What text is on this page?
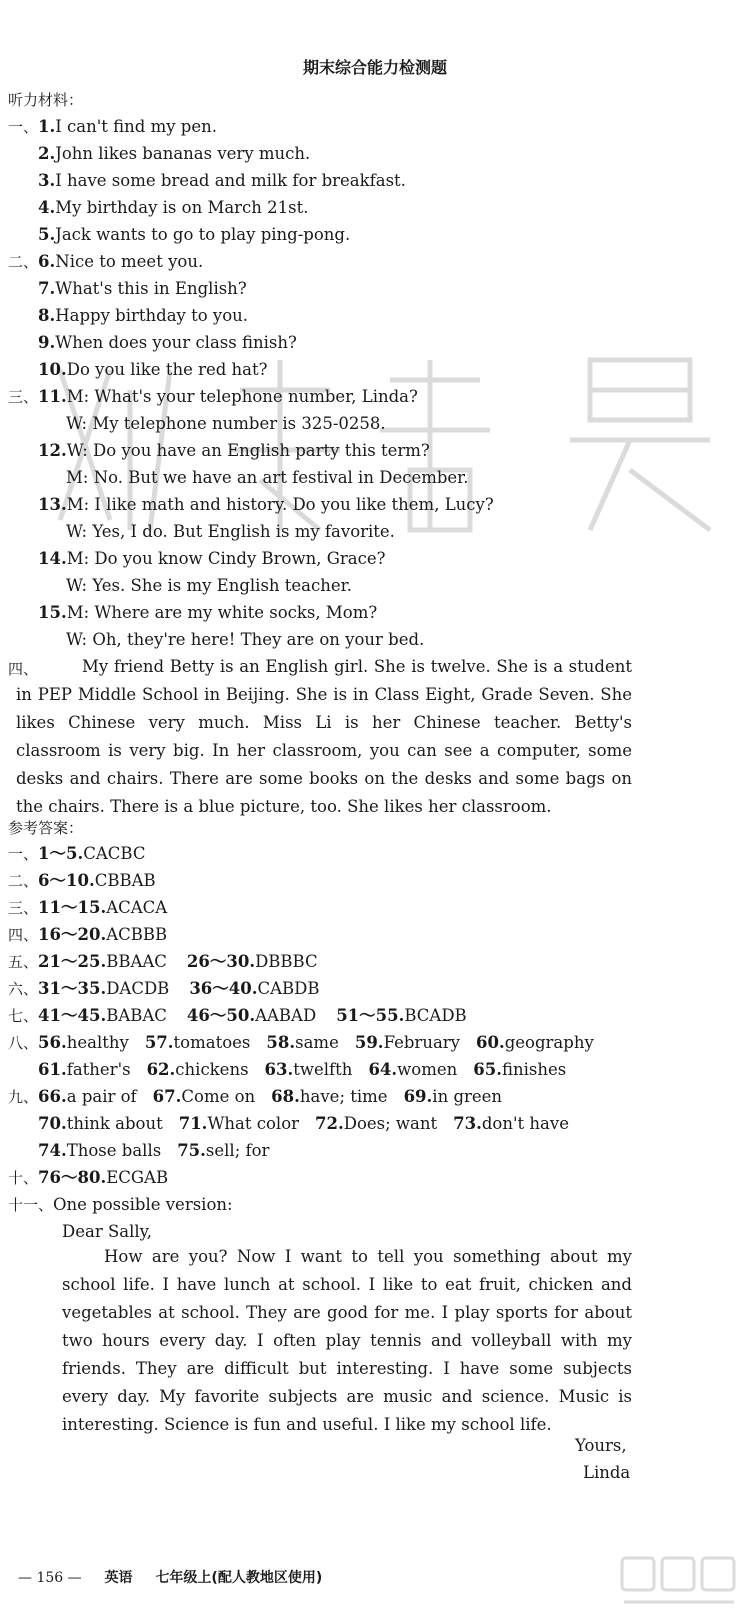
期末综合能力检测题
听力材料：
一、1.I can't find my pen.
2.John likes bananas very much.
3.I have some bread and milk for breakfast.
4.My birthday is on March 21st.
5.Jack wants to go to play ping-pong.
二、6.Nice to meet you.
7.What's this in English?
8.Happy birthday to you.
9.When does your class finish?
10.Do you like the red hat?
三、11.M: What's your telephone number, Linda?
W: My telephone number is 325-0258.
12.W: Do you have an English party this term?
M: No. But we have an art festival in December.
13.M: I like math and history. Do you like them, Lucy?
W: Yes, I do. But English is my favorite.
14.M: Do you know Cindy Brown, Grace?
W: Yes. She is my English teacher.
15.M: Where are my white socks, Mom?
W: Oh, they're here! They are on your bed.
四、	My friend Betty is an English girl. She is twelve. She is a student in PEP Middle School in Beijing. She is in Class Eight, Grade Seven. She likes Chinese very much. Miss Li is her Chinese teacher. Betty's classroom is very big. In her classroom, you can see a computer, some desks and chairs. There are some books on the desks and some bags on the chairs. There is a blue picture, too. She likes her classroom.
参考答案：
一、1～5.CACBC
二、6～10.CBBAB
三、11～15.ACACA
四、16～20.ACBBB
五、21～25.BBAAC 26～30.DBBBC
六、31～35.DACDB 36～40.CABDB
七、41～45.BABAC 46～50.AABAD 51～55.BCADB
八、56.healthy 57.tomatoes 58.same 59.February 60.geography
61.father's 62.chickens 63.twelfth 64.women 65.finishes
九、66.a pair of 67.Come on 68.have; time 69.in green
70.think about 71.What color 72.Does; want 73.don't have
74.Those balls 75.sell; for
十、76～80.ECGAB
十一、One possible version:
Dear Sally,
How are you? Now I want to tell you something about my school life. I have lunch at school. I like to eat fruit, chicken and vegetables at school. They are good for me. I play sports for about two hours every day. I often play tennis and volleyball with my friends. They are difficult but interesting. I have some subjects every day. My favorite subjects are music and science. Music is interesting. Science is fun and useful. I like my school life.
Yours,
Linda
— 156 — 英语 七年级上(配人教地区使用)
